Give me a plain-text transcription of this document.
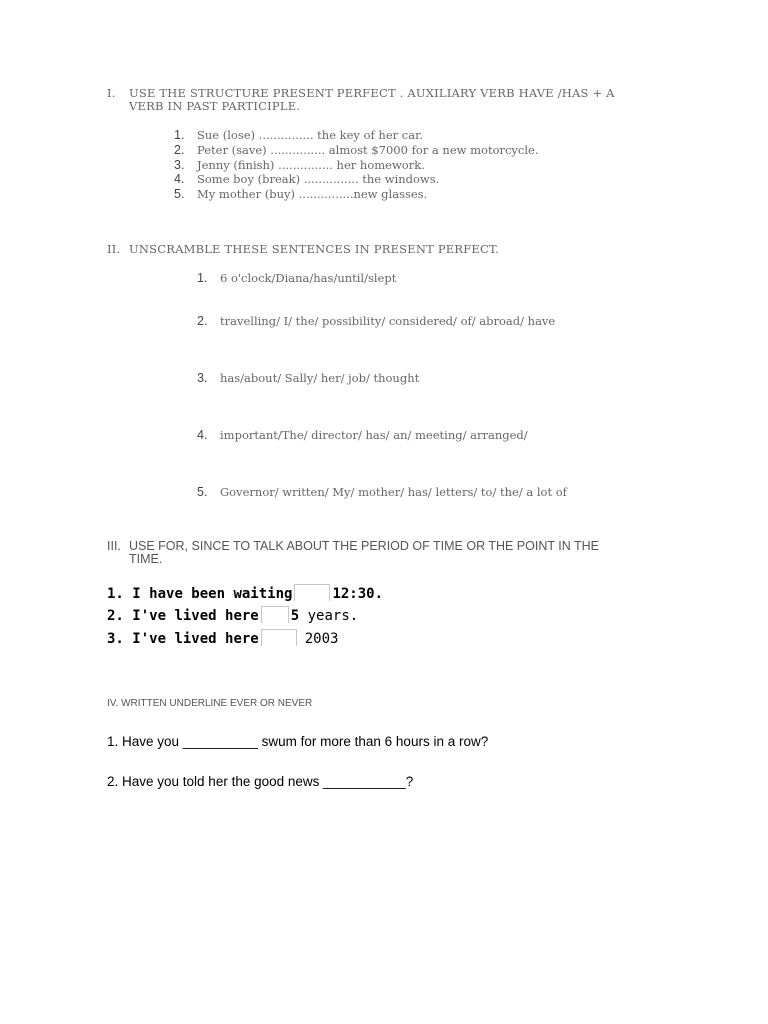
I. USE THE STRUCTURE PRESENT PERFECT . AUXILIARY VERB HAVE /HAS + A
VERB IN PAST PARTICIPLE.
1. Sue (lose) ............... the key of her car.
2. Peter (save) ............... almost $7000 for a new motorcycle.
3. Jenny (finish) ............... her homework.
4. Some boy (break) ............... the windows.
5. My mother (buy) ...............new glasses.
II. UNSCRAMBLE THESE SENTENCES IN PRESENT PERFECT.
1. 6 o'clock/Diana/has/until/slept
2. travelling/ I/ the/ possibility/ considered/ of/ abroad/ have
3. has/about/ Sally/ her/ job/ thought
4. important/The/ director/ has/ an/ meeting/ arranged/
5. Governor/ written/ My/ mother/ has/ letters/ to/ the/ a lot of
III. USE FOR, SINCE TO TALK ABOUT THE PERIOD OF TIME OR THE POINT IN THE
TIME.
1. I have been waiting	12:30.
2. I've lived here 5 years.
3. I've lived here	2003
IV. WRITTEN UNDERLINE EVER OR NEVER
1. Have you __________ swum for more than 6 hours in a row?
2. Have you told her the good news ___________?
